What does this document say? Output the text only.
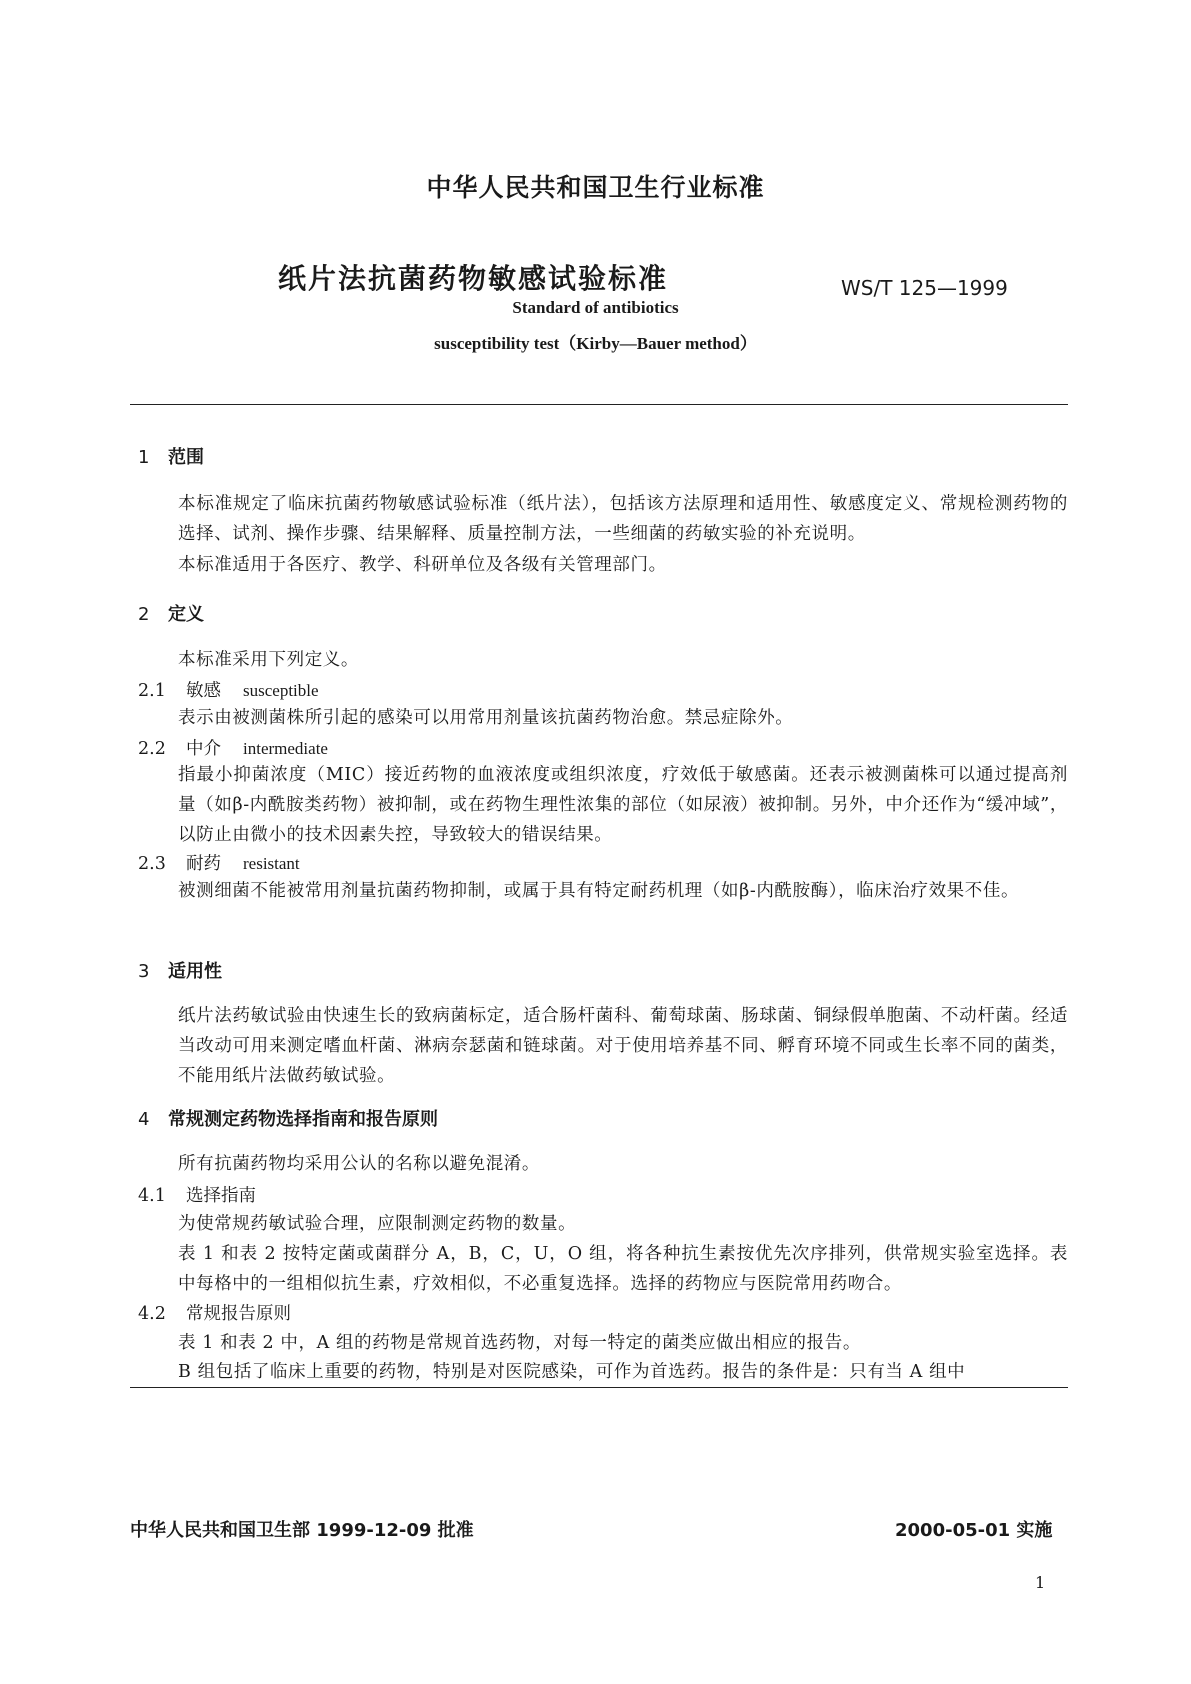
中华人民共和国卫生行业标准
纸片法抗菌药物敏感试验标准	WS/T 125—1999
Standard of antibiotics
susceptibility test（Kirby—Bauer method）
1 范围
本标准规定了临床抗菌药物敏感试验标准（纸片法），包括该方法原理和适用性、敏感度定义、常规检测药物的选择、试剂、操作步骤、结果解释、质量控制方法，一些细菌的药敏实验的补充说明。
本标准适用于各医疗、教学、科研单位及各级有关管理部门。
2 定义
本标准采用下列定义。
2.1 敏感 susceptible
表示由被测菌株所引起的感染可以用常用剂量该抗菌药物治愈。禁忌症除外。
2.2 中介 intermediate
指最小抑菌浓度（MIC）接近药物的血液浓度或组织浓度，疗效低于敏感菌。还表示被测菌株可以通过提高剂量（如β-内酰胺类药物）被抑制，或在药物生理性浓集的部位（如尿液）被抑制。另外，中介还作为“缓冲域”，以防止由微小的技术因素失控，导致较大的错误结果。
2.3 耐药 resistant
被测细菌不能被常用剂量抗菌药物抑制，或属于具有特定耐药机理（如β-内酰胺酶），临床治疗效果不佳。
3 适用性
纸片法药敏试验由快速生长的致病菌标定，适合肠杆菌科、葡萄球菌、肠球菌、铜绿假单胞菌、不动杆菌。经适当改动可用来测定嗜血杆菌、淋病奈瑟菌和链球菌。对于使用培养基不同、孵育环境不同或生长率不同的菌类，不能用纸片法做药敏试验。
4 常规测定药物选择指南和报告原则
所有抗菌药物均采用公认的名称以避免混淆。
4.1 选择指南
为使常规药敏试验合理，应限制测定药物的数量。
表 1 和表 2 按特定菌或菌群分 A，B，C，U，O 组，将各种抗生素按优先次序排列，供常规实验室选择。表中每格中的一组相似抗生素，疗效相似，不必重复选择。选择的药物应与医院常用药吻合。
4.2 常规报告原则
表 1 和表 2 中，A 组的药物是常规首选药物，对每一特定的菌类应做出相应的报告。
B 组包括了临床上重要的药物，特别是对医院感染，可作为首选药。报告的条件是：只有当 A 组中
中华人民共和国卫生部 1999-12-09 批准	2000-05-01 实施
1
